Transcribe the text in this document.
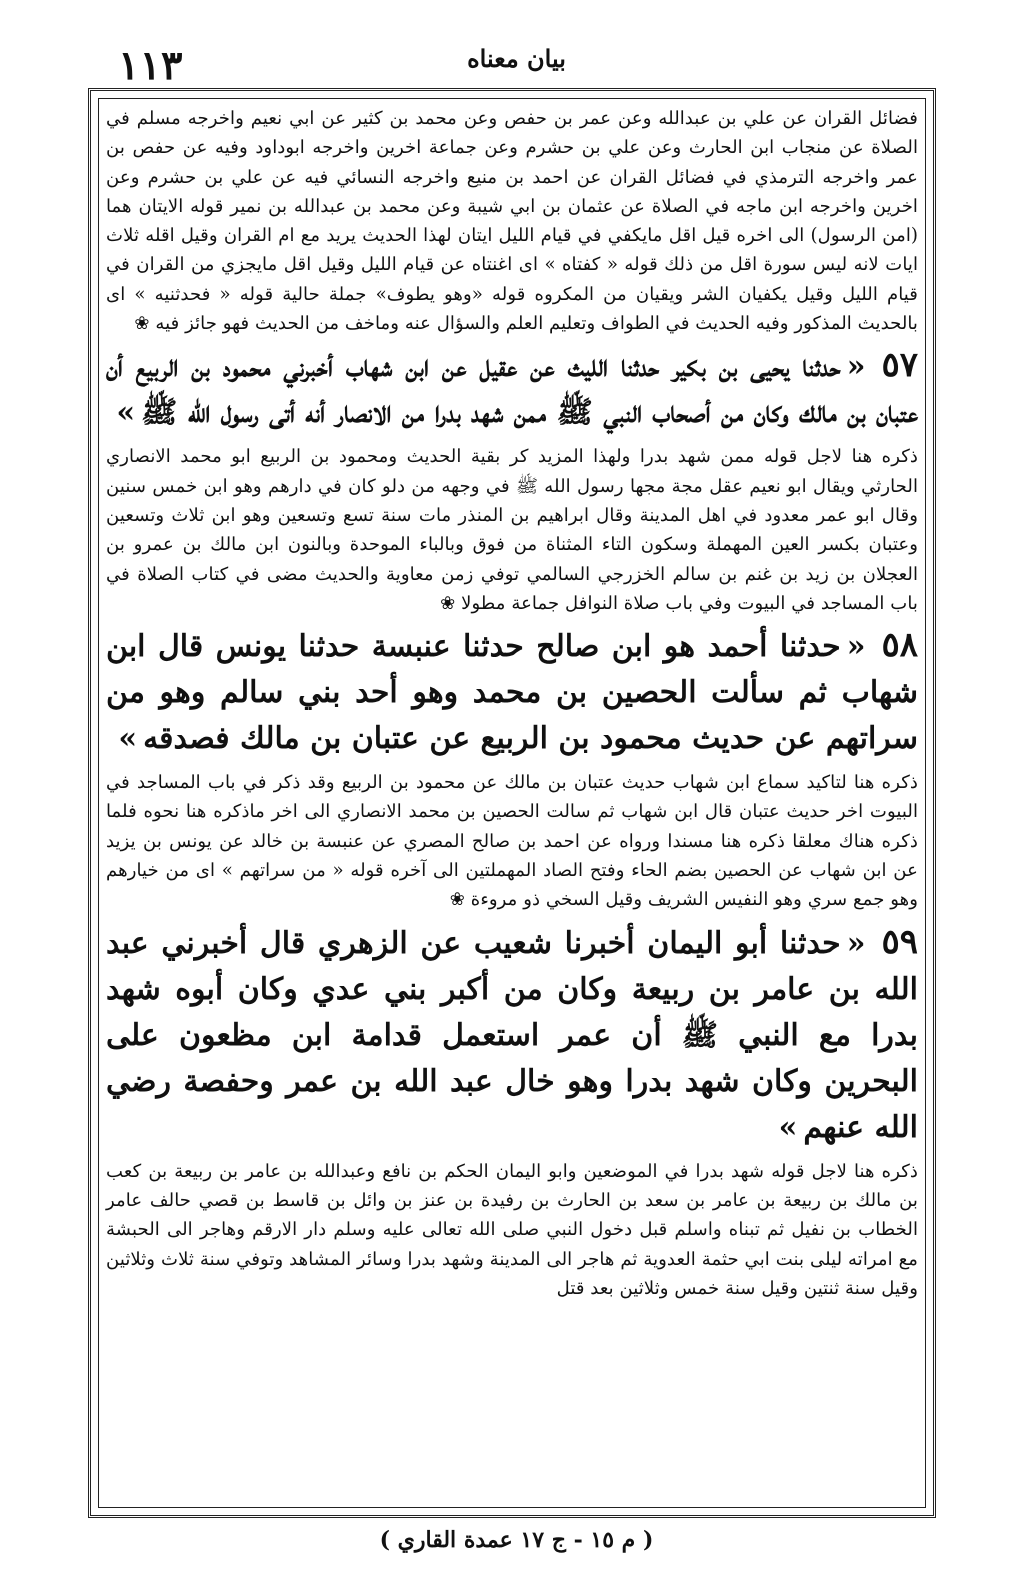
١١٣	بيان معناه

فضائل القران عن علي بن عبدالله وعن عمر بن حفص وعن محمد بن كثير عن ابي نعيم واخرجه مسلم في الصلاة عن منجاب ابن الحارث وعن علي بن حشرم وعن جماعة اخرين واخرجه ابوداود وفيه عن حفص بن عمر واخرجه الترمذي في فضائل القران عن احمد بن منيع واخرجه النسائي فيه عن علي بن حشرم وعن اخرين واخرجه ابن ماجه في الصلاة عن عثمان بن ابي شيبة وعن محمد بن عبدالله بن نمير قوله الايتان هما (امن الرسول) الى اخره قيل اقل مايكفي في قيام الليل ايتان لهذا الحديث يريد مع ام القران وقيل اقله ثلاث ايات لانه ليس سورة اقل من ذلك قوله « كفتاه » اى اغنتاه عن قيام الليل وقيل اقل مايجزي من القران في قيام الليل وقيل يكفيان الشر ويقيان من المكروه قوله «وهو يطوف» جملة حالية قوله « فحدثنيه » اى بالحديث المذكور وفيه الحديث في الطواف وتعليم العلم والسؤال عنه وماخف من الحديث فهو جائز فيه ❀

٥٧«حدثنا يحيى بن بكير حدثنا الليث عن عقيل عن ابن شهاب أخبرني محمود بن الربيع أن عتبان بن مالك وكان من أصحاب النبي ﷺ ممن شهد بدرا من الانصار أنه أتى رسول الله ﷺ»

ذكره هنا لاجل قوله ممن شهد بدرا ولهذا المزيد كر بقية الحديث ومحمود بن الربيع ابو محمد الانصاري الحارثي ويقال ابو نعيم عقل مجة مجها رسول الله ﷺ في وجهه من دلو كان في دارهم وهو ابن خمس سنين وقال ابو عمر معدود في اهل المدينة وقال ابراهيم بن المنذر مات سنة تسع وتسعين وهو ابن ثلاث وتسعين وعتبان بكسر العين المهملة وسكون التاء المثناة من فوق وبالباء الموحدة وبالنون ابن مالك بن عمرو بن العجلان بن زيد بن غنم بن سالم الخزرجي السالمي توفي زمن معاوية والحديث مضى في كتاب الصلاة في باب المساجد في البيوت وفي باب صلاة النوافل جماعة مطولا ❀

٥٨«حدثنا أحمد هو ابن صالح حدثنا عنبسة حدثنا يونس قال ابن شهاب ثم سألت الحصين بن محمد وهو أحد بني سالم وهو من سراتهم عن حديث محمود بن الربيع عن عتبان بن مالك فصدقه»

ذكره هنا لتاكيد سماع ابن شهاب حديث عتبان بن مالك عن محمود بن الربيع وقد ذكر في باب المساجد في البيوت اخر حديث عتبان قال ابن شهاب ثم سالت الحصين بن محمد الانصاري الى اخر ماذكره هنا نحوه فلما ذكره هناك معلقا ذكره هنا مسندا ورواه عن احمد بن صالح المصري عن عنبسة بن خالد عن يونس بن يزيد عن ابن شهاب عن الحصين بضم الحاء وفتح الصاد المهملتين الى آخره قوله « من سراتهم » اى من خيارهم وهو جمع سري وهو النفيس الشريف وقيل السخي ذو مروءة ❀

٥٩«حدثنا أبو اليمان أخبرنا شعيب عن الزهري قال أخبرني عبد الله بن عامر بن ربيعة وكان من أكبر بني عدي وكان أبوه شهد بدرا مع النبي ﷺ أن عمر استعمل قدامة ابن مظعون على البحرين وكان شهد بدرا وهو خال عبد الله بن عمر وحفصة رضي الله عنهم»

ذكره هنا لاجل قوله شهد بدرا في الموضعين وابو اليمان الحكم بن نافع وعبدالله بن عامر بن ربيعة بن كعب بن مالك بن ربيعة بن عامر بن سعد بن الحارث بن رفيدة بن عنز بن وائل بن قاسط بن قصي حالف عامر الخطاب بن نفيل ثم تبناه واسلم قبل دخول النبي صلى الله تعالى عليه وسلم دار الارقم وهاجر الى الحبشة مع امراته ليلى بنت ابي حثمة العدوية ثم هاجر الى المدينة وشهد بدرا وسائر المشاهد وتوفي سنة ثلاث وثلاثين وقيل سنة ثنتين وقيل سنة خمس وثلاثين بعد قتل

( م ١٥ - ج ١٧ عمدة القاري )
